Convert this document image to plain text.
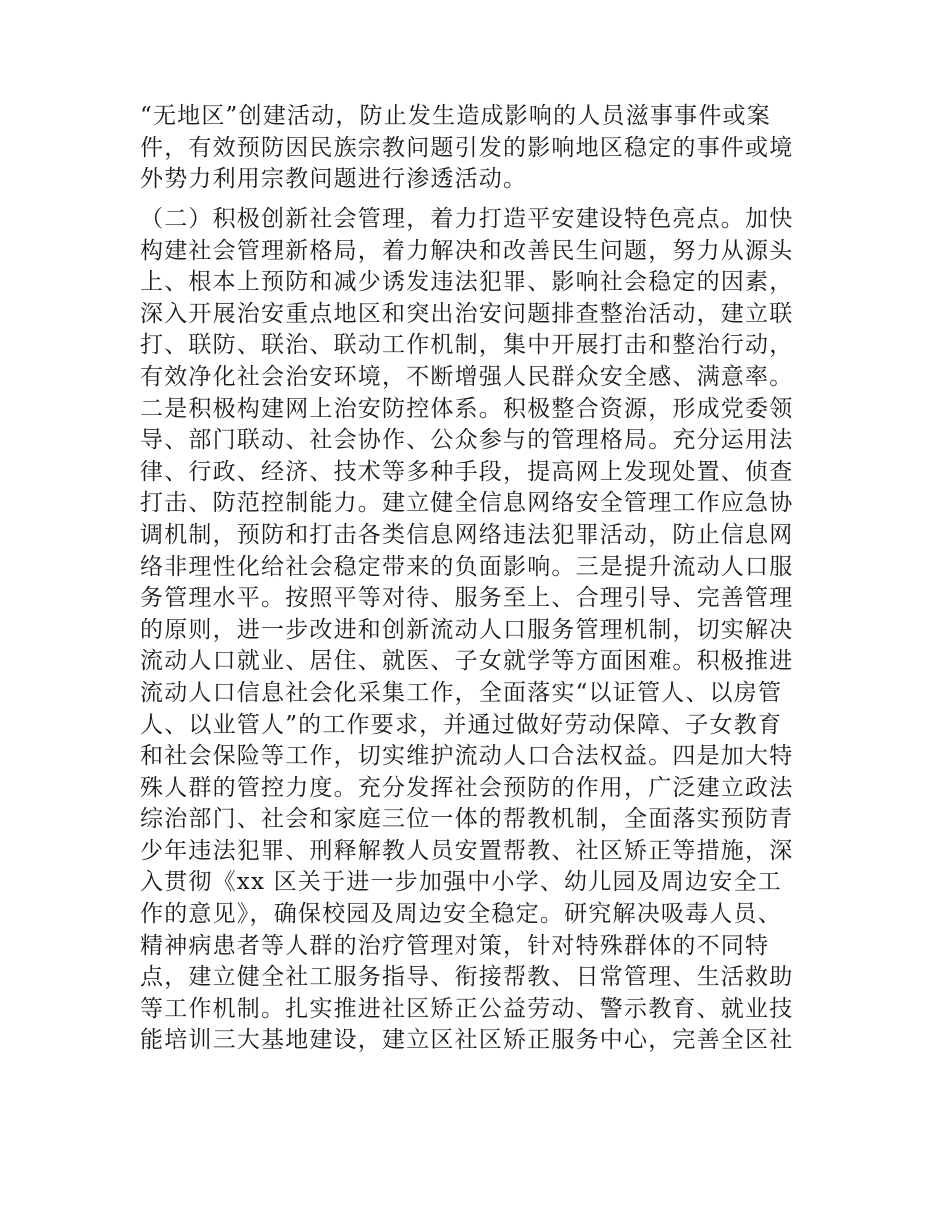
“无地区”创建活动，防止发生造成影响的人员滋事事件或案
件，有效预防因民族宗教问题引发的影响地区稳定的事件或境
外势力利用宗教问题进行渗透活动。
（二）积极创新社会管理，着力打造平安建设特色亮点。加快
构建社会管理新格局，着力解决和改善民生问题，努力从源头
上、根本上预防和减少诱发违法犯罪、影响社会稳定的因素，
深入开展治安重点地区和突出治安问题排查整治活动，建立联
打、联防、联治、联动工作机制，集中开展打击和整治行动，
有效净化社会治安环境，不断增强人民群众安全感、满意率。
二是积极构建网上治安防控体系。积极整合资源，形成党委领
导、部门联动、社会协作、公众参与的管理格局。充分运用法
律、行政、经济、技术等多种手段，提高网上发现处置、侦查
打击、防范控制能力。建立健全信息网络安全管理工作应急协
调机制，预防和打击各类信息网络违法犯罪活动，防止信息网
络非理性化给社会稳定带来的负面影响。三是提升流动人口服
务管理水平。按照平等对待、服务至上、合理引导、完善管理
的原则，进一步改进和创新流动人口服务管理机制，切实解决
流动人口就业、居住、就医、子女就学等方面困难。积极推进
流动人口信息社会化采集工作，全面落实“以证管人、以房管
人、以业管人”的工作要求，并通过做好劳动保障、子女教育
和社会保险等工作，切实维护流动人口合法权益。四是加大特
殊人群的管控力度。充分发挥社会预防的作用，广泛建立政法
综治部门、社会和家庭三位一体的帮教机制，全面落实预防青
少年违法犯罪、刑释解教人员安置帮教、社区矫正等措施，深
入贯彻《xx 区关于进一步加强中小学、幼儿园及周边安全工
作的意见》，确保校园及周边安全稳定。研究解决吸毒人员、
精神病患者等人群的治疗管理对策，针对特殊群体的不同特
点，建立健全社工服务指导、衔接帮教、日常管理、生活救助
等工作机制。扎实推进社区矫正公益劳动、警示教育、就业技
能培训三大基地建设，建立区社区矫正服务中心，完善全区社
